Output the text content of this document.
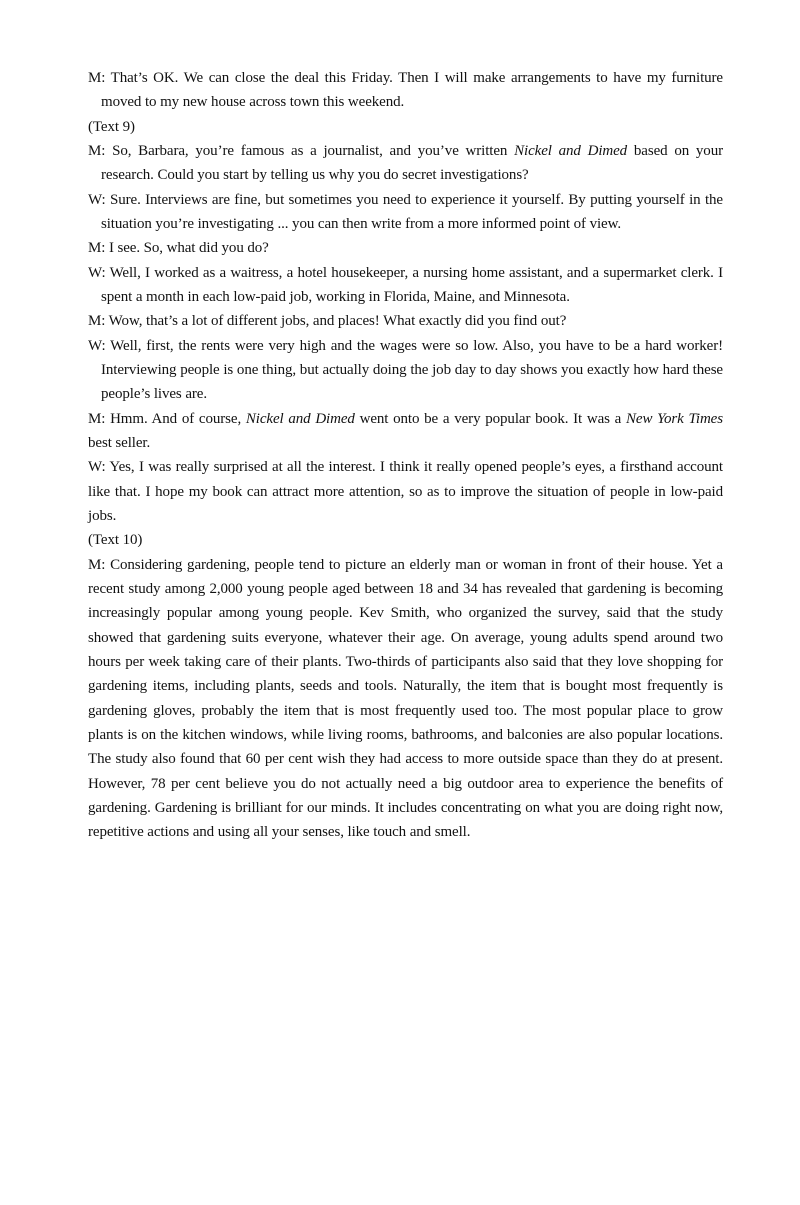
M: That’s OK. We can close the deal this Friday. Then I will make arrangements to have my furniture moved to my new house across town this weekend.

(Text 9)

M: So, Barbara, you’re famous as a journalist, and you’ve written Nickel and Dimed based on your research. Could you start by telling us why you do secret investigations?

W: Sure. Interviews are fine, but sometimes you need to experience it yourself. By putting yourself in the situation you’re investigating ... you can then write from a more informed point of view.

M: I see. So, what did you do?

W: Well, I worked as a waitress, a hotel housekeeper, a nursing home assistant, and a supermarket clerk. I spent a month in each low-paid job, working in Florida, Maine, and Minnesota.

M: Wow, that’s a lot of different jobs, and places! What exactly did you find out?

W: Well, first, the rents were very high and the wages were so low. Also, you have to be a hard worker! Interviewing people is one thing, but actually doing the job day to day shows you exactly how hard these people’s lives are.

M: Hmm. And of course, Nickel and Dimed went onto be a very popular book. It was a New York Times best seller.

W: Yes, I was really surprised at all the interest. I think it really opened people’s eyes, a firsthand account like that. I hope my book can attract more attention, so as to improve the situation of people in low-paid jobs.

(Text 10)

M: Considering gardening, people tend to picture an elderly man or woman in front of their house. Yet a recent study among 2,000 young people aged between 18 and 34 has revealed that gardening is becoming increasingly popular among young people. Kev Smith, who organized the survey, said that the study showed that gardening suits everyone, whatever their age. On average, young adults spend around two hours per week taking care of their plants. Two-thirds of participants also said that they love shopping for gardening items, including plants, seeds and tools. Naturally, the item that is bought most frequently is gardening gloves, probably the item that is most frequently used too. The most popular place to grow plants is on the kitchen windows, while living rooms, bathrooms, and balconies are also popular locations. The study also found that 60 per cent wish they had access to more outside space than they do at present. However, 78 per cent believe you do not actually need a big outdoor area to experience the benefits of gardening. Gardening is brilliant for our minds. It includes concentrating on what you are doing right now, repetitive actions and using all your senses, like touch and smell.
